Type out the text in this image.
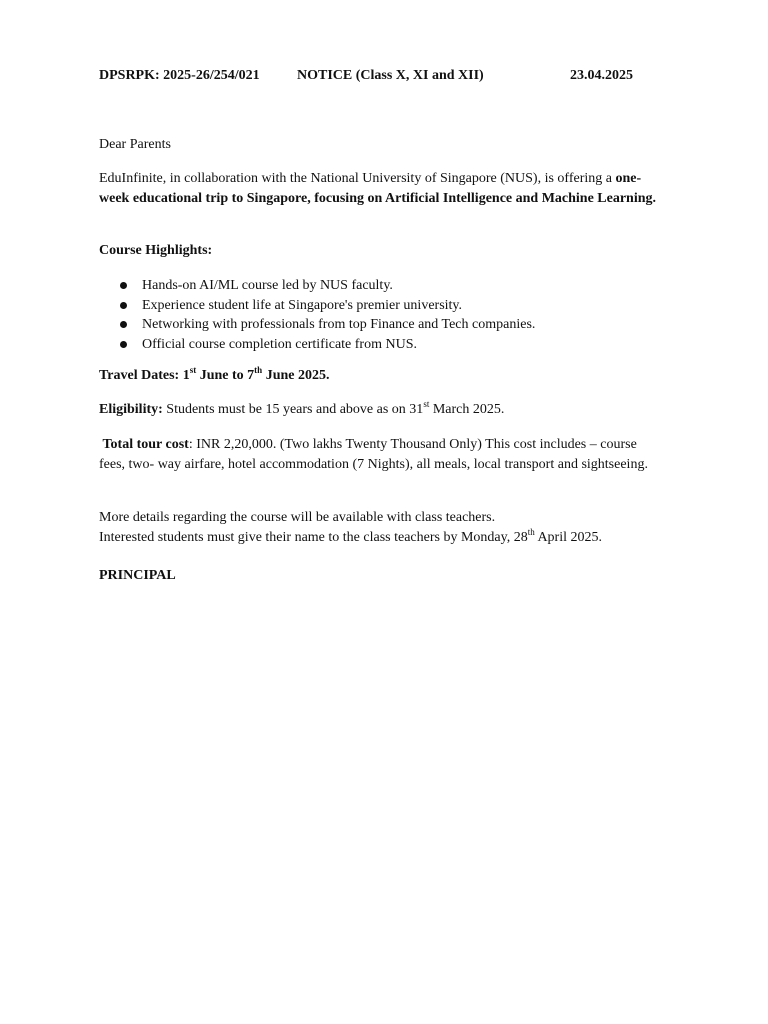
DPSRPK: 2025-26/254/021	NOTICE (Class X, XI and XII)	23.04.2025
Dear Parents
EduInfinite, in collaboration with the National University of Singapore (NUS), is offering a one-week educational trip to Singapore, focusing on Artificial Intelligence and Machine Learning.
Course Highlights:
Hands-on AI/ML course led by NUS faculty.
Experience student life at Singapore's premier university.
Networking with professionals from top Finance and Tech companies.
Official course completion certificate from NUS.
Travel Dates: 1st June to 7th June 2025.
Eligibility: Students must be 15 years and above as on 31st March 2025.
Total tour cost: INR 2,20,000. (Two lakhs Twenty Thousand Only) This cost includes – course fees, two- way airfare, hotel accommodation (7 Nights), all meals, local transport and sightseeing.
More details regarding the course will be available with class teachers.
Interested students must give their name to the class teachers by Monday, 28th April 2025.
PRINCIPAL
